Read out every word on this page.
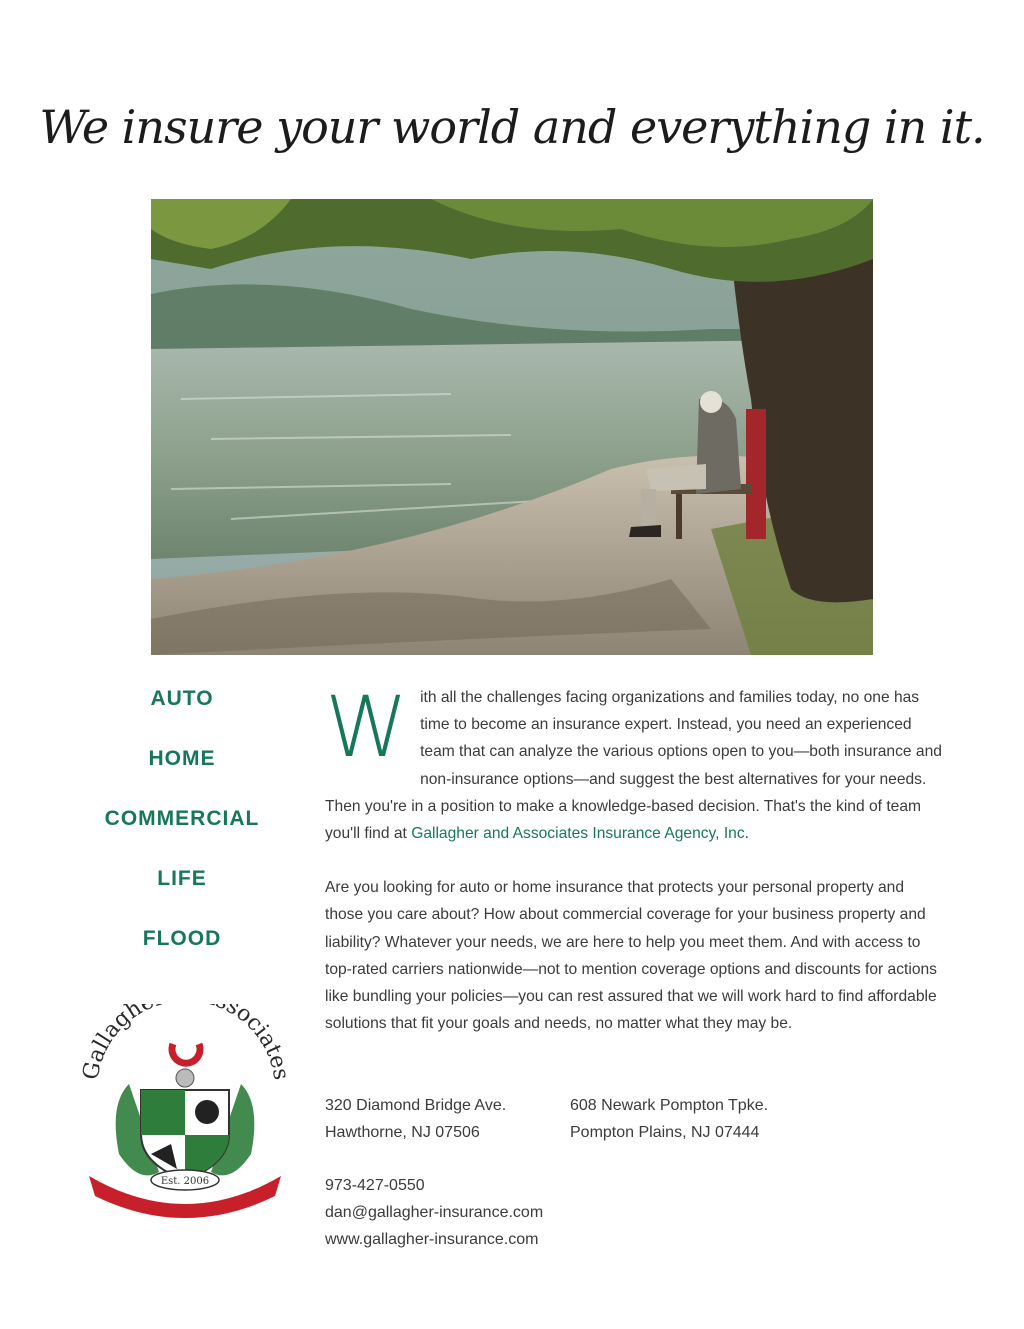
We insure your world and everything in it.
AUTO
HOME
COMMERCIAL
LIFE
FLOOD

With all the challenges facing organizations and families today, no one has time to become an insurance expert. Instead, you need an experienced team that can analyze the various options open to you—both insurance and non-insurance options—and suggest the best alternatives for your needs. Then you're in a position to make a knowledge-based decision. That's the kind of team you'll find at Gallagher and Associates Insurance Agency, Inc.

Are you looking for auto or home insurance that protects your personal property and those you care about? How about commercial coverage for your business property and liability? Whatever your needs, we are here to help you meet them. And with access to top-rated carriers nationwide—not to mention coverage options and discounts for actions like bundling your policies—you can rest assured that we will work hard to find affordable solutions that fit your goals and needs, no matter what they may be.

320 Diamond Bridge Ave.
Hawthorne, NJ 07506
608 Newark Pompton Tpke.
Pompton Plains, NJ 07444
973-427-0550
dan@gallagher-insurance.com
www.gallagher-insurance.com
Gallagh sociates
Est. 2006
INSURANCE AGENCY
